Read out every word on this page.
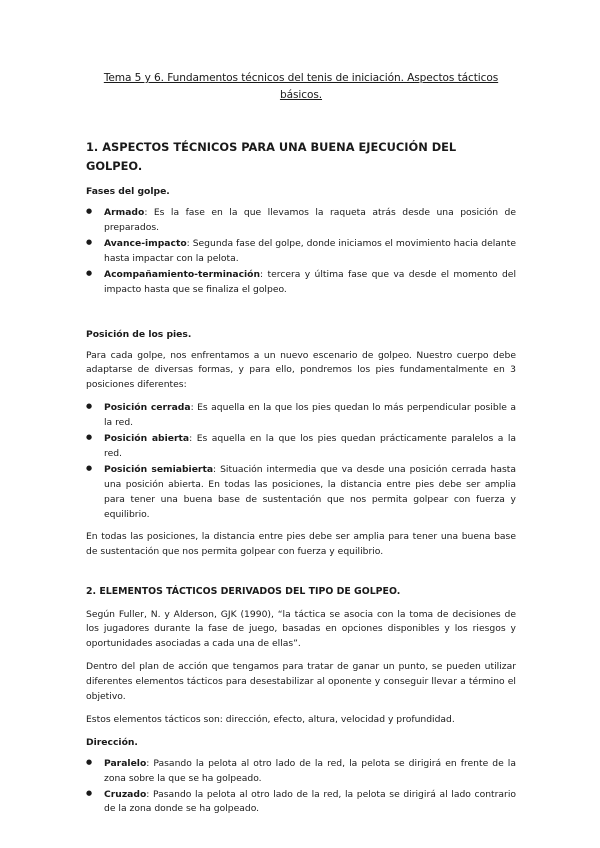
Tema 5 y 6. Fundamentos técnicos del tenis de iniciación. Aspectos tácticos básicos.
1. ASPECTOS TÉCNICOS PARA UNA BUENA EJECUCIÓN DEL GOLPEO.
Fases del golpe.
● Armado: Es la fase en la que llevamos la raqueta atrás desde una posición de preparados.
● Avance-impacto: Segunda fase del golpe, donde iniciamos el movimiento hacia delante hasta impactar con la pelota.
● Acompañamiento-terminación: tercera y última fase que va desde el momento del impacto hasta que se finaliza el golpeo.
Posición de los pies.

Para cada golpe, nos enfrentamos a un nuevo escenario de golpeo. Nuestro cuerpo debe adaptarse de diversas formas, y para ello, pondremos los pies fundamentalmente en 3 posiciones diferentes:

● Posición cerrada: Es aquella en la que los pies quedan lo más perpendicular posible a la red.
● Posición abierta: Es aquella en la que los pies quedan prácticamente paralelos a la red.
● Posición semiabierta: Situación intermedia que va desde una posición cerrada hasta una posición abierta. En todas las posiciones, la distancia entre pies debe ser amplia para tener una buena base de sustentación que nos permita golpear con fuerza y equilibrio.

En todas las posiciones, la distancia entre pies debe ser amplia para tener una buena base de sustentación que nos permita golpear con fuerza y equilibrio.

2. ELEMENTOS TÁCTICOS DERIVADOS DEL TIPO DE GOLPEO.

Según Fuller, N. y Alderson, GJK (1990), “la táctica se asocia con la toma de decisiones de los jugadores durante la fase de juego, basadas en opciones disponibles y los riesgos y oportunidades asociadas a cada una de ellas”.

Dentro del plan de acción que tengamos para tratar de ganar un punto, se pueden utilizar diferentes elementos tácticos para desestabilizar al oponente y conseguir llevar a término el objetivo.

Estos elementos tácticos son: dirección, efecto, altura, velocidad y profundidad.

Dirección.
● Paralelo: Pasando la pelota al otro lado de la red, la pelota se dirigirá en frente de la zona sobre la que se ha golpeado.
● Cruzado: Pasando la pelota al otro lado de la red, la pelota se dirigirá al lado contrario de la zona donde se ha golpeado.
